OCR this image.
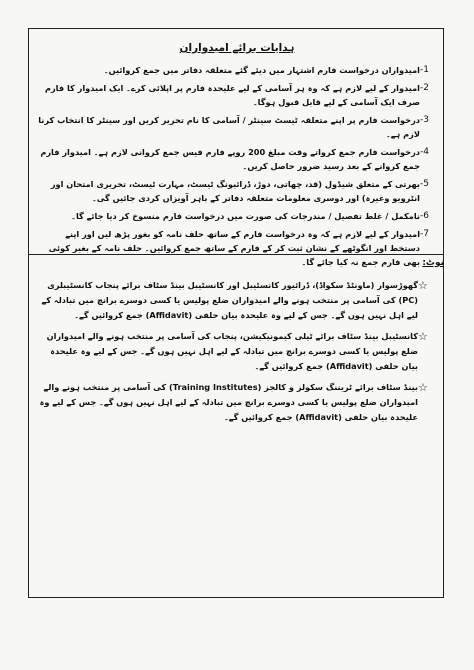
ہدایات برائے امیدواران
-1
امیدواران درخواست فارم اشتہار میں دیئے گئے متعلقہ دفاتر میں جمع کروائیں۔
-2
امیدوار کے لیے لازم ہے کہ وہ ہر آسامی کے لیے علیحدہ فارم پر اپلائی کرے۔ ایک امیدوار کا فارم صرف ایک آسامی کے لیے قابل قبول ہوگا۔
-3
درخواست فارم پر اپنے متعلقہ ٹیسٹ سینٹر / آسامی کا نام تحریر کریں اور سینٹر کا انتخاب کرنا لازم ہے۔
-4
درخواست فارم جمع کرواتے وقت مبلغ 200 روپے فارم فیس جمع کروانی لازم ہے۔ امیدوار فارم جمع کروانے کے بعد رسید ضرور حاصل کریں۔
-5
بھرتی کے متعلق شیڈول (قد، چھاتی، دوڑ، ڈرائیونگ ٹیسٹ، مہارت ٹیسٹ، تحریری امتحان اور انٹرویو وغیرہ) اور دوسری معلومات متعلقہ دفاتر کے باہر آویزاں کردی جائیں گی۔
-6
نامکمل / غلط تفصیل / مندرجات کی صورت میں درخواست فارم منسوخ کر دیا جائے گا۔
-7
امیدوار کے لیے لازم ہے کہ وہ درخواست فارم کے ساتھ حلف نامہ کو بغور پڑھ لیں اور اپنے دستخط اور انگوٹھے کے نشان ثبت کر کے فارم کے ساتھ جمع کروائیں۔ حلف نامہ کے بغیر کوئی بھی فارم جمع نہ کیا جائے گا۔ نوٹ:
☆
گھوڑسوار (ماونٹڈ سکواڈ)، ڈرائیور کانسٹیبل اور کانسٹیبل بینڈ سٹاف برائے پنجاب کانسٹیبلری (PC) کی آسامی پر منتخب ہونے والے امیدواران ضلع پولیس یا کسی دوسرے برانچ میں تبادلہ کے لیے اہل نہیں ہوں گے۔ جس کے لیے وہ علیحدہ بیان حلفی (Affidavit) جمع کروائیں گے۔
☆
کانسٹیبل بینڈ سٹاف برائے ٹیلی کیمونیکیشن، پنجاب کی آسامی پر منتخب ہونے والے امیدواران ضلع پولیس یا کسی دوسرے برانچ میں تبادلہ کے لیے اہل نہیں ہوں گے۔ جس کے لیے وہ علیحدہ بیان حلفی (Affidavit) جمع کروائیں گے۔
☆
بینڈ سٹاف برائے ٹریننگ سکولز و کالجز (Training Institutes) کی آسامی پر منتخب ہونے والے امیدواران ضلع پولیس یا کسی دوسرے برانچ میں تبادلہ کے لیے اہل نہیں ہوں گے۔ جس کے لیے وہ علیحدہ بیان حلفی (Affidavit) جمع کروائیں گے۔
